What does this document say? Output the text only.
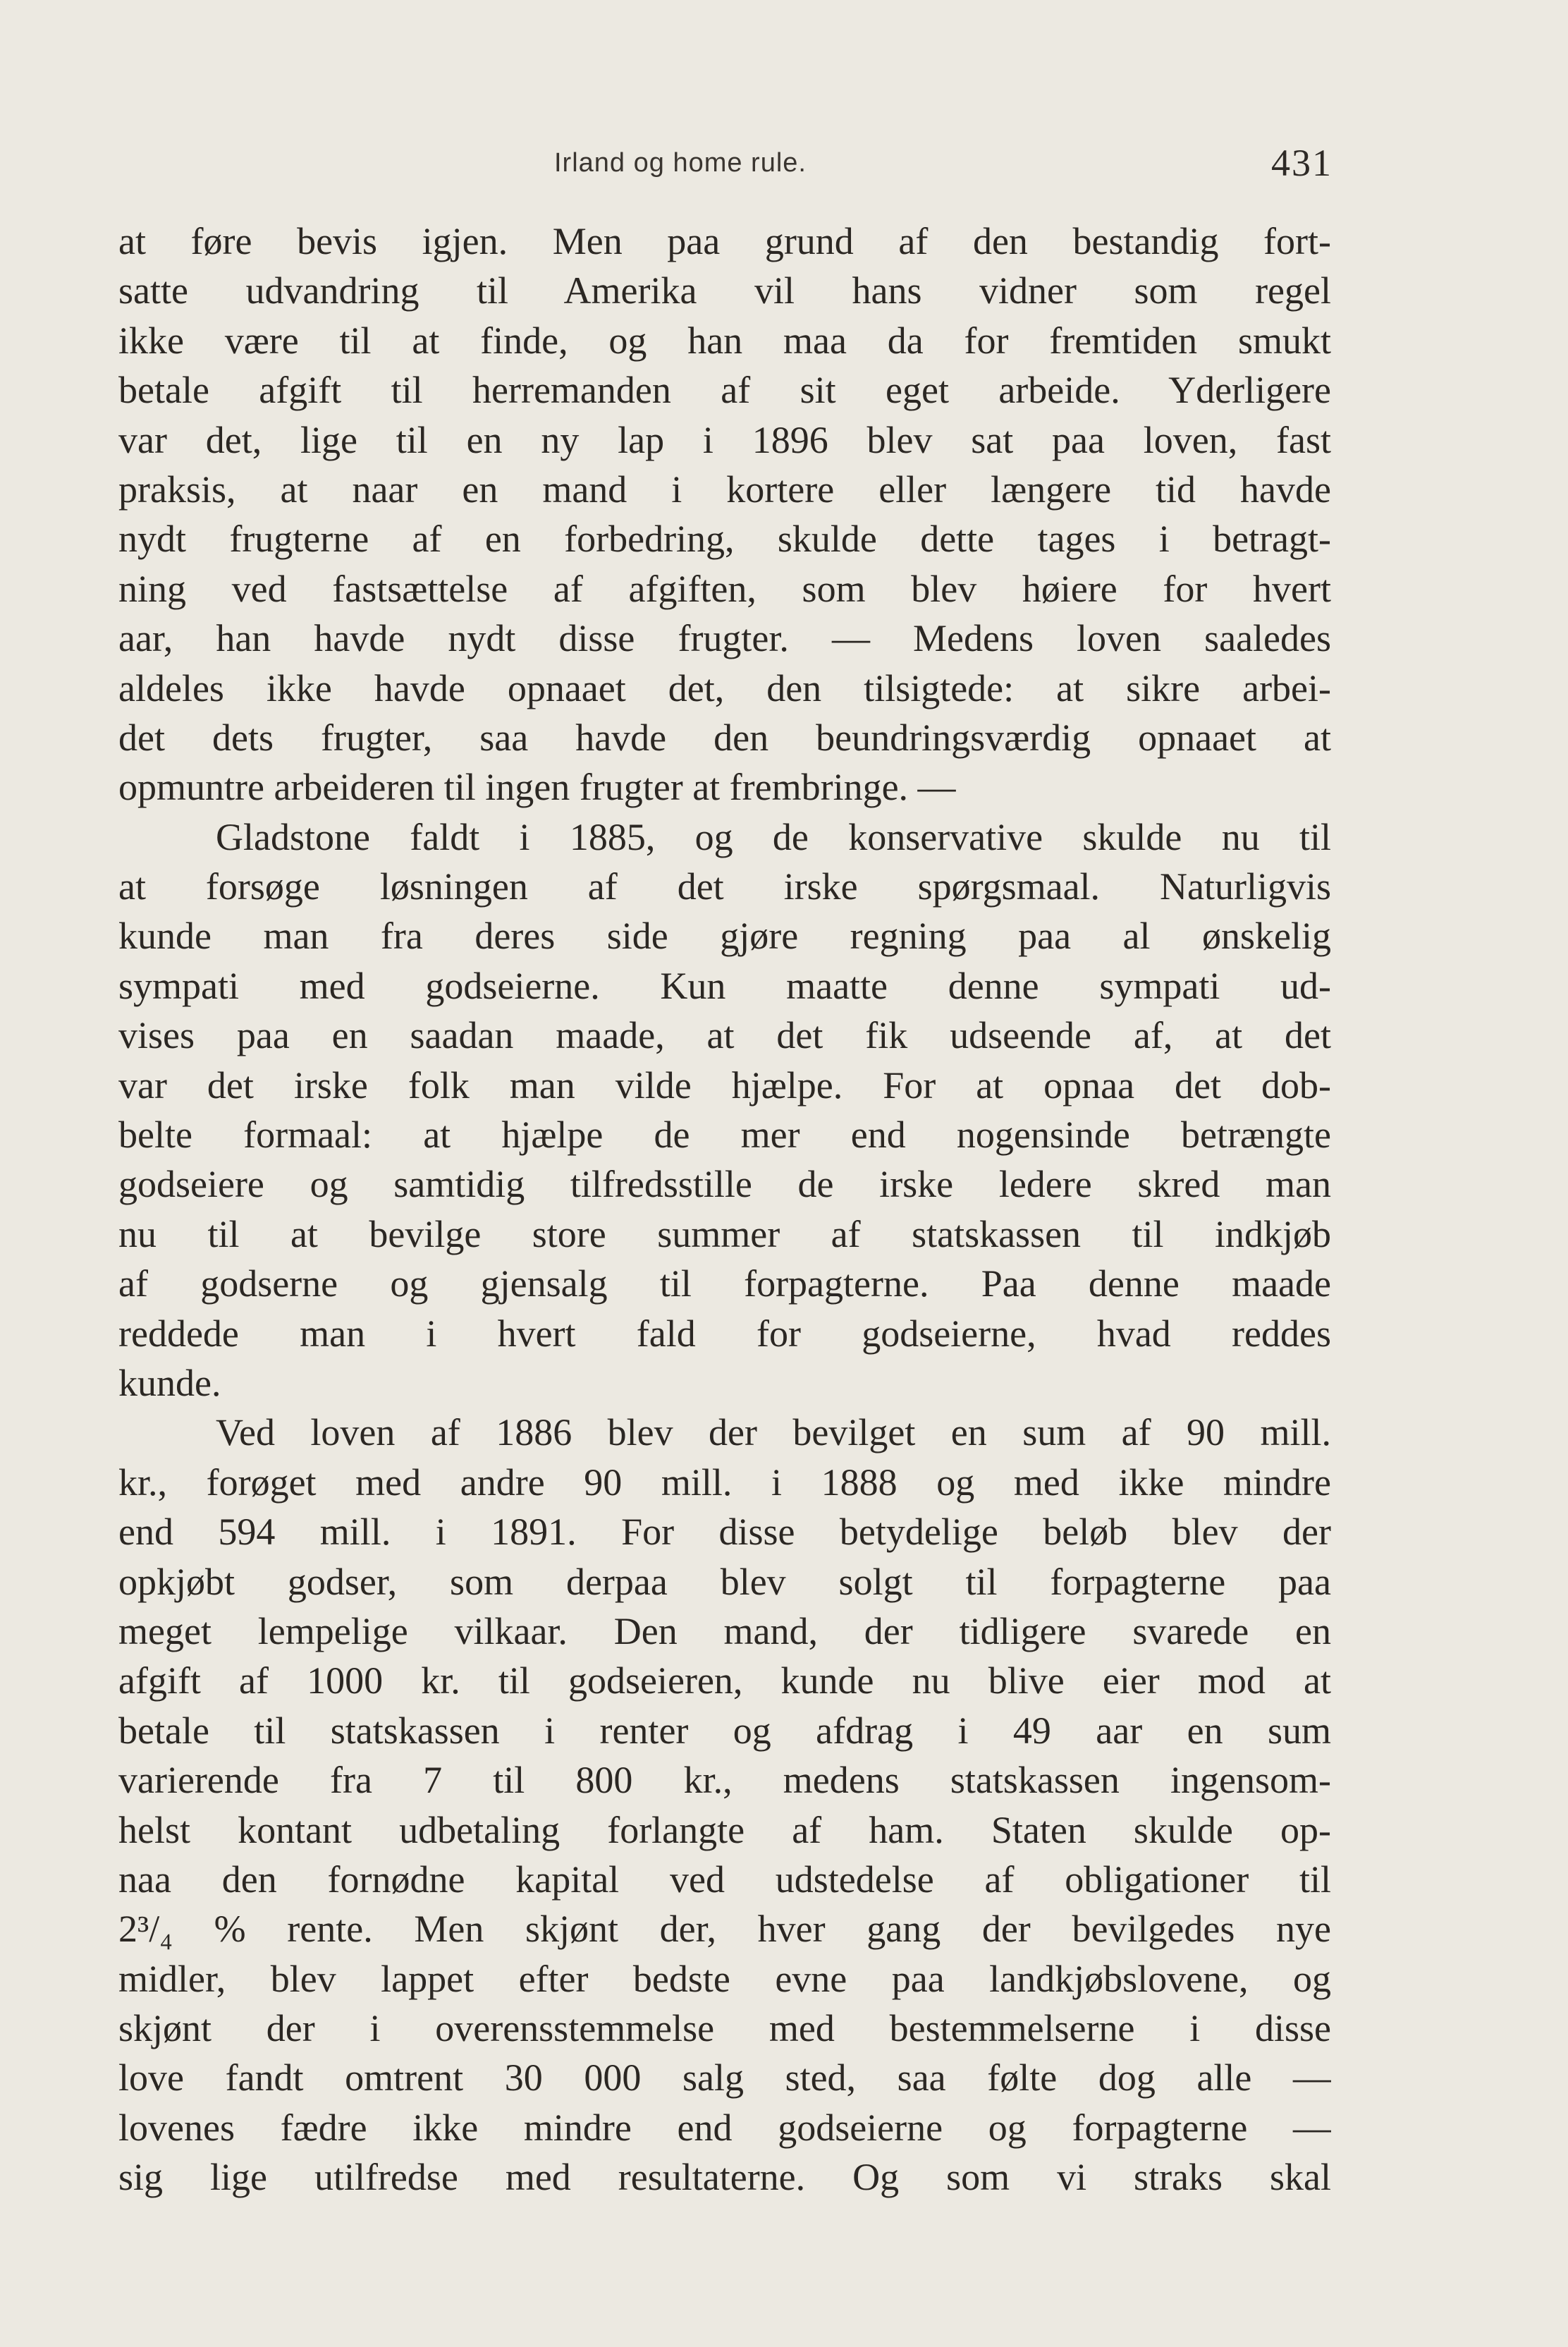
Irland og home rule.	431
at føre bevis igjen. Men paa grund af den bestandig fort-
satte udvandring til Amerika vil hans vidner som regel
ikke være til at finde, og han maa da for fremtiden smukt
betale afgift til herremanden af sit eget arbeide. Yderligere
var det, lige til en ny lap i 1896 blev sat paa loven, fast
praksis, at naar en mand i kortere eller længere tid havde
nydt frugterne af en forbedring, skulde dette tages i betragt-
ning ved fastsættelse af afgiften, som blev høiere for hvert
aar, han havde nydt disse frugter. — Medens loven saaledes
aldeles ikke havde opnaaet det, den tilsigtede: at sikre arbei-
det dets frugter, saa havde den beundringsværdig opnaaet at
opmuntre arbeideren til ingen frugter at frembringe. —
Gladstone faldt i 1885, og de konservative skulde nu til
at forsøge løsningen af det irske spørgsmaal. Naturligvis
kunde man fra deres side gjøre regning paa al ønskelig
sympati med godseierne. Kun maatte denne sympati ud-
vises paa en saadan maade, at det fik udseende af, at det
var det irske folk man vilde hjælpe. For at opnaa det dob-
belte formaal: at hjælpe de mer end nogensinde betrængte
godseiere og samtidig tilfredsstille de irske ledere skred man
nu til at bevilge store summer af statskassen til indkjøb
af godserne og gjensalg til forpagterne. Paa denne maade
reddede man i hvert fald for godseierne, hvad reddes
kunde.
Ved loven af 1886 blev der bevilget en sum af 90 mill.
kr., forøget med andre 90 mill. i 1888 og med ikke mindre
end 594 mill. i 1891. For disse betydelige beløb blev der
opkjøbt godser, som derpaa blev solgt til forpagterne paa
meget lempelige vilkaar. Den mand, der tidligere svarede en
afgift af 1000 kr. til godseieren, kunde nu blive eier mod at
betale til statskassen i renter og afdrag i 49 aar en sum
varierende fra 7 til 800 kr., medens statskassen ingensom-
helst kontant udbetaling forlangte af ham. Staten skulde op-
naa den fornødne kapital ved udstedelse af obligationer til
2³/₄ % rente. Men skjønt der, hver gang der bevilgedes nye
midler, blev lappet efter bedste evne paa landkjøbslovene, og
skjønt der i overensstemmelse med bestemmelserne i disse
love fandt omtrent 30 000 salg sted, saa følte dog alle —
lovenes fædre ikke mindre end godseierne og forpagterne —
sig lige utilfredse med resultaterne. Og som vi straks skal
